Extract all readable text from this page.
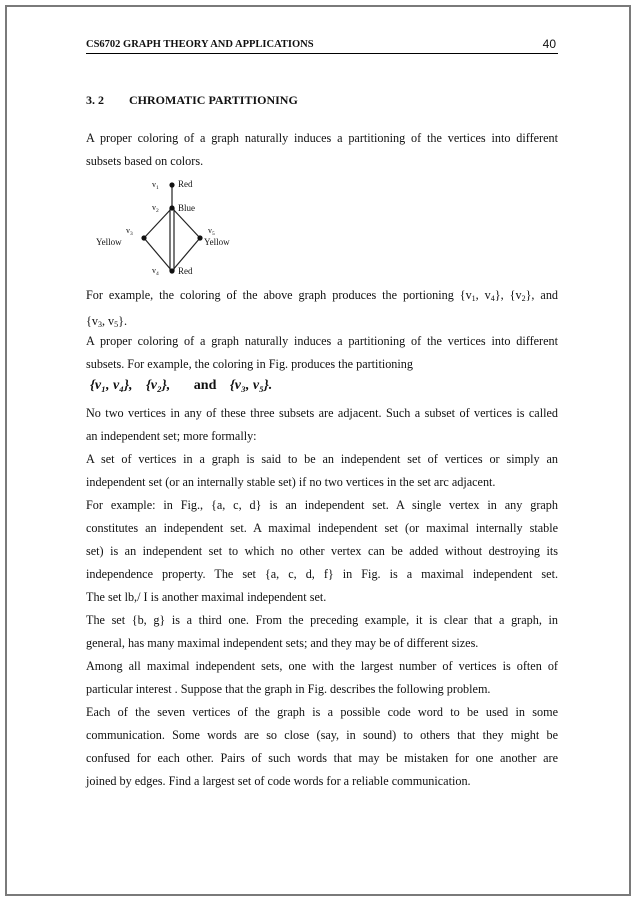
CS6702 GRAPH THEORY AND APPLICATIONS	40
3. 2 CHROMATIC PARTITIONING
A proper coloring of a graph naturally induces a partitioning of the vertices into different
subsets based on colors.
$v_1$ Red
$v_2$ Blue
$v_3$
Yellow
$v_5$
Yellow
$v_4$ Red
For example, the coloring of the above graph produces the portioning {$v_1$, $v_4$}, $\{v_2\}$, and
{$v_3$, $v_5$}.
A proper coloring of a graph naturally induces a partitioning of the vertices into different
subsets. For example, the coloring in Fig. produces the partitioning
{v₁, v₄}, {v₂}, and {v₃, v₅}.
No two vertices in any of these three subsets are adjacent. Such a subset of vertices is called
an independent set; more formally:
A set of vertices in a graph is said to be an independent set of vertices or simply an
independent set (or an internally stable set) if no two vertices in the set arc adjacent.
For example: in Fig., {a, c, d} is an independent set. A single vertex in any graph
constitutes an independent set. A maximal independent set (or maximal internally stable
set) is an independent set to which no other vertex can be added without destroying its
independence property. The set {a, c, d, f} in Fig. is a maximal independent set. The set lb,/ I is another maximal independent set.
The set {b, g} is a third one. From the preceding example, it is clear that a graph, in
general, has many maximal independent sets; and they may be of different sizes.
Among all maximal independent sets, one with the largest number of vertices is often of
particular interest . Suppose that the graph in Fig. describes the following problem.
Each of the seven vertices of the graph is a possible code word to be used in some
communication. Some words are so close (say, in sound) to others that they might be
confused for each other. Pairs of such words that may be mistaken for one another are
joined by edges. Find a largest set of code words for a reliable communication.
